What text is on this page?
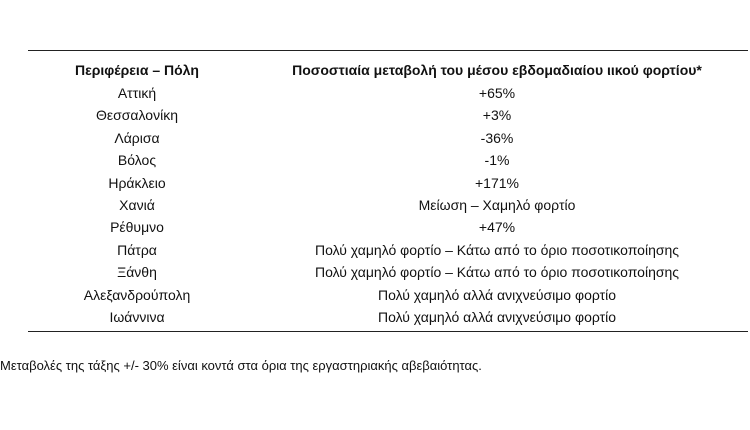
Περιφέρεια – Πόλη	Ποσοστιαία μεταβολή του μέσου εβδομαδιαίου ιικού φορτίου*
Αττική	+65%
Θεσσαλονίκη	+3%
Λάρισα	-36%
Βόλος	-1%
Ηράκλειο	+171%
Χανιά	Μείωση – Χαμηλό φορτίο
Ρέθυμνο	+47%
Πάτρα	Πολύ χαμηλό φορτίο – Κάτω από το όριο ποσοτικοποίησης
Ξάνθη	Πολύ χαμηλό φορτίο – Κάτω από το όριο ποσοτικοποίησης
Αλεξανδρούπολη	Πολύ χαμηλό αλλά ανιχνεύσιμο φορτίο
Ιωάννινα	Πολύ χαμηλό αλλά ανιχνεύσιμο φορτίο
Μεταβολές της τάξης +/- 30% είναι κοντά στα όρια της εργαστηριακής αβεβαιότητας.
